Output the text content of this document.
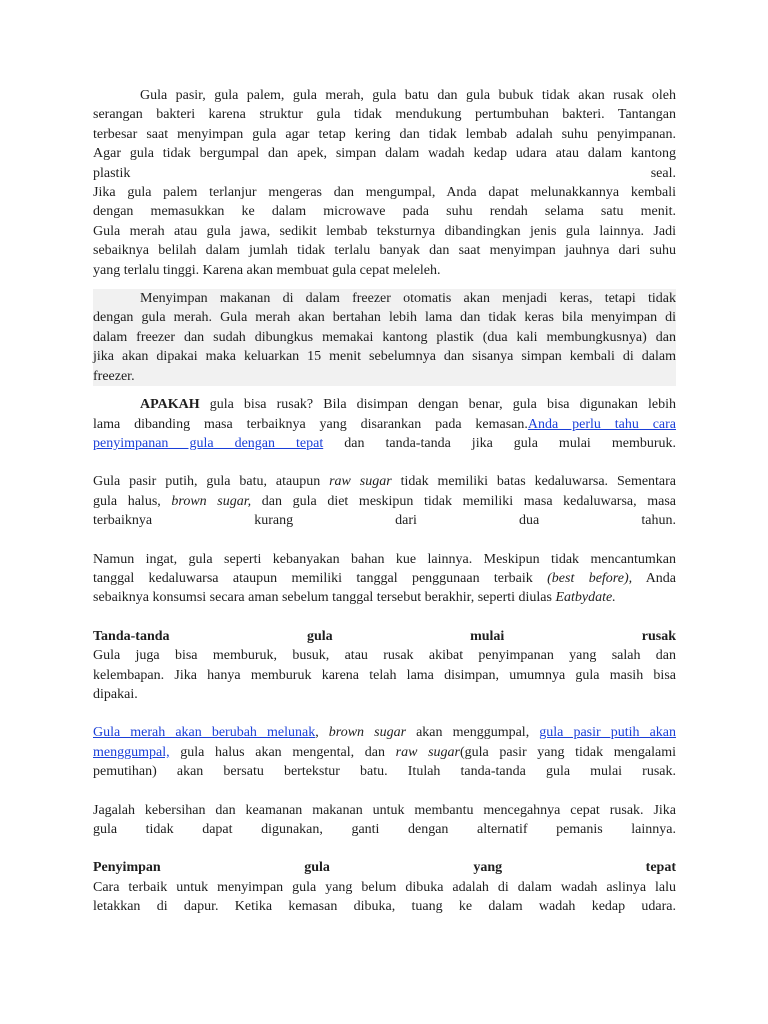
Gula pasir, gula palem, gula merah, gula batu dan gula bubuk tidak akan rusak oleh
serangan bakteri karena struktur gula tidak mendukung pertumbuhan bakteri. Tantangan
terbesar saat menyimpan gula agar tetap kering dan tidak lembab adalah suhu penyimpanan.
Agar gula tidak bergumpal dan apek, simpan dalam wadah kedap udara atau dalam kantong
plastik	seal.
Jika gula palem terlanjur mengeras dan mengumpal, Anda dapat melunakkannya kembali
dengan memasukkan ke dalam microwave pada suhu rendah selama satu menit.
Gula merah atau gula jawa, sedikit lembab teksturnya dibandingkan jenis gula lainnya. Jadi
sebaiknya belilah dalam jumlah tidak terlalu banyak dan saat menyimpan jauhnya dari suhu
yang terlalu tinggi. Karena akan membuat gula cepat meleleh.
Menyimpan makanan di dalam freezer otomatis akan menjadi keras, tetapi tidak
dengan gula merah. Gula merah akan bertahan lebih lama dan tidak keras bila menyimpan di
dalam freezer dan sudah dibungkus memakai kantong plastik (dua kali membungkusnya) dan
jika akan dipakai maka keluarkan 15 menit sebelumnya dan sisanya simpan kembali di dalam
freezer.
APAKAH gula bisa rusak? Bila disimpan dengan benar, gula bisa digunakan lebih
lama dibanding masa terbaiknya yang disarankan pada kemasan.Anda perlu tahu cara
penyimpanan gula dengan tepat dan tanda-tanda jika gula mulai memburuk.
Gula pasir putih, gula batu, ataupun raw sugar tidak memiliki batas kedaluwarsa. Sementara
gula halus, brown sugar, dan gula diet meskipun tidak memiliki masa kedaluwarsa, masa
terbaiknya	kurang	dari	dua	tahun.
Namun ingat, gula seperti kebanyakan bahan kue lainnya. Meskipun tidak mencantumkan
tanggal kedaluwarsa ataupun memiliki tanggal penggunaan terbaik (best before), Anda
sebaiknya konsumsi secara aman sebelum tanggal tersebut berakhir, seperti diulas Eatbydate.
Tanda-tanda	gula	mulai	rusak
Gula juga bisa memburuk, busuk, atau rusak akibat penyimpanan yang salah dan
kelembapan. Jika hanya memburuk karena telah lama disimpan, umumnya gula masih bisa
dipakai.
Gula merah akan berubah melunak, brown sugar akan menggumpal, gula pasir putih akan
menggumpal, gula halus akan mengental, dan raw sugar(gula pasir yang tidak mengalami
pemutihan) akan bersatu bertekstur batu. Itulah tanda-tanda gula mulai rusak.
Jagalah kebersihan dan keamanan makanan untuk membantu mencegahnya cepat rusak. Jika
gula tidak dapat digunakan, ganti dengan alternatif pemanis lainnya.
Penyimpan	gula	yang	tepat
Cara terbaik untuk menyimpan gula yang belum dibuka adalah di dalam wadah aslinya lalu
letakkan di dapur. Ketika kemasan dibuka, tuang ke dalam wadah kedap udara.
